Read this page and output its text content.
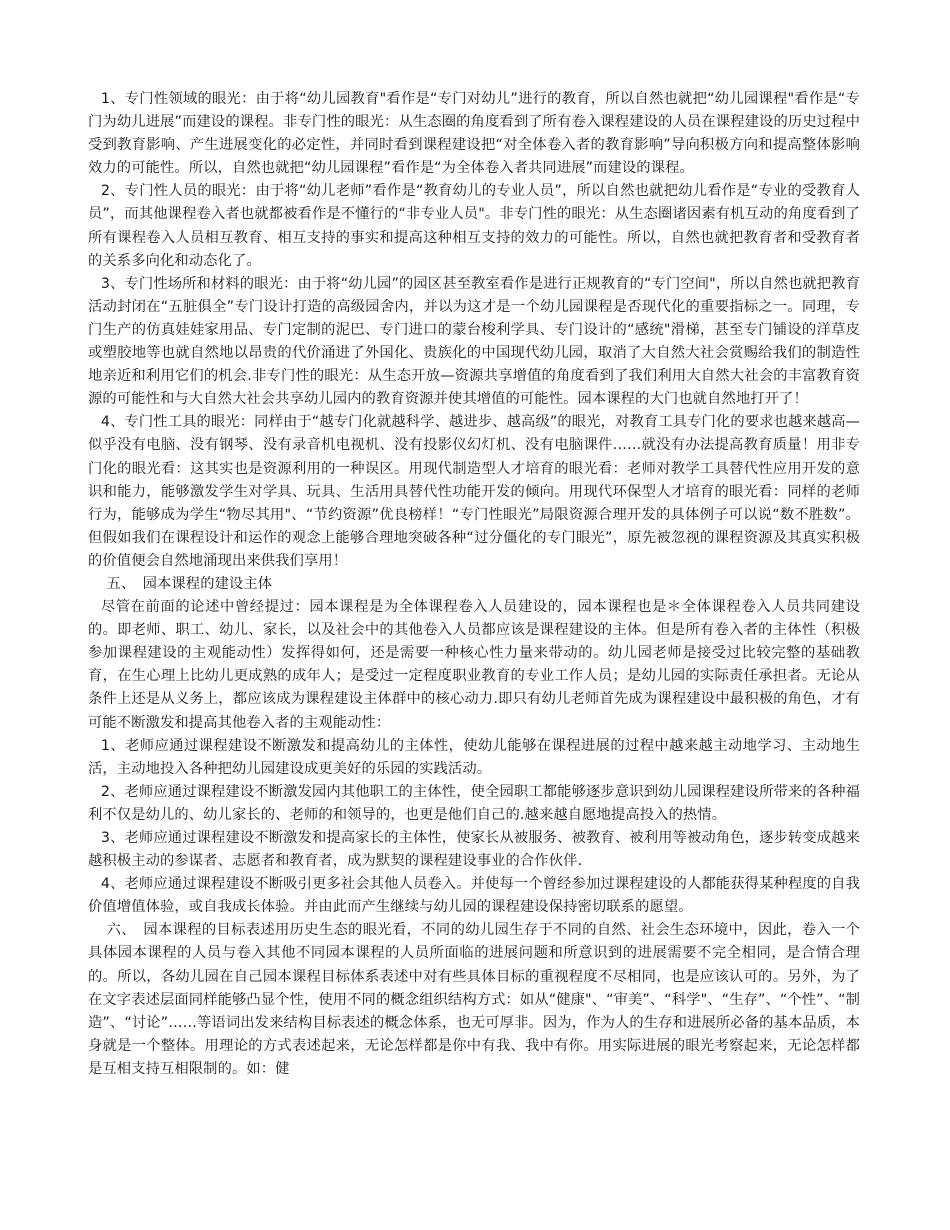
1、专门性领域的眼光：由于将“幼儿园教育"看作是“专门对幼儿”进行的教育，所以自然也就把“幼儿园课程"看作是“专门为幼儿进展”而建设的课程。非专门性的眼光：从生态圈的角度看到了所有卷入课程建设的人员在课程建设的历史过程中受到教育影响、产生进展变化的必定性，并同时看到课程建设把“对全体卷入者的教育影响”导向积极方向和提高整体影响效力的可能性。所以，自然也就把“幼儿园课程”看作是“为全体卷入者共同进展”而建设的课程。

2、专门性人员的眼光：由于将“幼儿老师”看作是“教育幼儿的专业人员”，所以自然也就把幼儿看作是“专业的受教育人员”，而其他课程卷入者也就都被看作是不懂行的“非专业人员"。非专门性的眼光：从生态圈诸因素有机互动的角度看到了所有课程卷入人员相互教育、相互支持的事实和提高这种相互支持的效力的可能性。所以，自然也就把教育者和受教育者的关系多向化和动态化了。

3、专门性场所和材料的眼光：由于将“幼儿园”的园区甚至教室看作是进行正规教育的“专门空间"，所以自然也就把教育活动封闭在“五脏俱全”专门设计打造的高级园舍内，并以为这才是一个幼儿园课程是否现代化的重要指标之一。同理，专门生产的仿真娃娃家用品、专门定制的泥巴、专门进口的蒙台梭利学具、专门设计的“感统"滑梯，甚至专门铺设的洋草皮或塑胶地等也就自然地以昂贵的代价涌进了外国化、贵族化的中国现代幼儿园，取消了大自然大社会赏赐给我们的制造性地亲近和利用它们的机会.非专门性的眼光：从生态开放—资源共享增值的角度看到了我们利用大自然大社会的丰富教育资源的可能性和与大自然大社会共享幼儿园内的教育资源并使其增值的可能性。园本课程的大门也就自然地打开了！

4、专门性工具的眼光：同样由于“越专门化就越科学、越进步、越高级”的眼光，对教育工具专门化的要求也越来越高—似乎没有电脑、没有钢琴、没有录音机电视机、没有投影仪幻灯机、没有电脑课件……就没有办法提高教育质量！用非专门化的眼光看：这其实也是资源利用的一种误区。用现代制造型人才培育的眼光看：老师对教学工具替代性应用开发的意识和能力，能够激发学生对学具、玩具、生活用具替代性功能开发的倾向。用现代环保型人才培育的眼光看：同样的老师行为，能够成为学生“物尽其用"、“节约资源”优良榜样！“专门性眼光”局限资源合理开发的具体例子可以说“数不胜数”。但假如我们在课程设计和运作的观念上能够合理地突破各种“过分僵化的专门眼光”，原先被忽视的课程资源及其真实积极的价值便会自然地涌现出来供我们享用！

五、　园本课程的建设主体

尽管在前面的论述中曾经提过：园本课程是为全体课程卷入人员建设的，园本课程也是＊全体课程卷入人员共同建设的。即老师、职工、幼儿、家长，以及社会中的其他卷入人员都应该是课程建设的主体。但是所有卷入者的主体性（积极参加课程建设的主观能动性）发挥得如何，还是需要一种核心性力量来带动的。幼儿园老师是接受过比较完整的基础教育，在生心理上比幼儿更成熟的成年人；是受过一定程度职业教育的专业工作人员；是幼儿园的实际责任承担者。无论从条件上还是从义务上，都应该成为课程建设主体群中的核心动力.即只有幼儿老师首先成为课程建设中最积极的角色，才有可能不断激发和提高其他卷入者的主观能动性：

1、老师应通过课程建设不断激发和提高幼儿的主体性，使幼儿能够在课程进展的过程中越来越主动地学习、主动地生活，主动地投入各种把幼儿园建设成更美好的乐园的实践活动。

2、老师应通过课程建设不断激发园内其他职工的主体性，使全园职工都能够逐步意识到幼儿园课程建设所带来的各种福利不仅是幼儿的、幼儿家长的、老师的和领导的，也更是他们自己的.越来越自愿地提高投入的热情。

3、老师应通过课程建设不断激发和提高家长的主体性，使家长从被服务、被教育、被利用等被动角色，逐步转变成越来越积极主动的参谋者、志愿者和教育者，成为默契的课程建设事业的合作伙伴.

4、老师应通过课程建设不断吸引更多社会其他人员卷入。并使每一个曾经参加过课程建设的人都能获得某种程度的自我价值增值体验，或自我成长体验。并由此而产生继续与幼儿园的课程建设保持密切联系的愿望。

六、　园本课程的目标表述用历史生态的眼光看，不同的幼儿园生存于不同的自然、社会生态环境中，因此，卷入一个具体园本课程的人员与卷入其他不同园本课程的人员所面临的进展问题和所意识到的进展需要不完全相同，是合情合理的。所以，各幼儿园在自己园本课程目标体系表述中对有些具体目标的重视程度不尽相同，也是应该认可的。另外，为了在文字表述层面同样能够凸显个性，使用不同的概念组织结构方式：如从“健康"、“审美”、“科学"、“生存”、“个性”、“制造”、“讨论”……等语词出发来结构目标表述的概念体系，也无可厚非。因为，作为人的生存和进展所必备的基本品质，本身就是一个整体。用理论的方式表述起来，无论怎样都是你中有我、我中有你。用实际进展的眼光考察起来，无论怎样都是互相支持互相限制的。如：健
